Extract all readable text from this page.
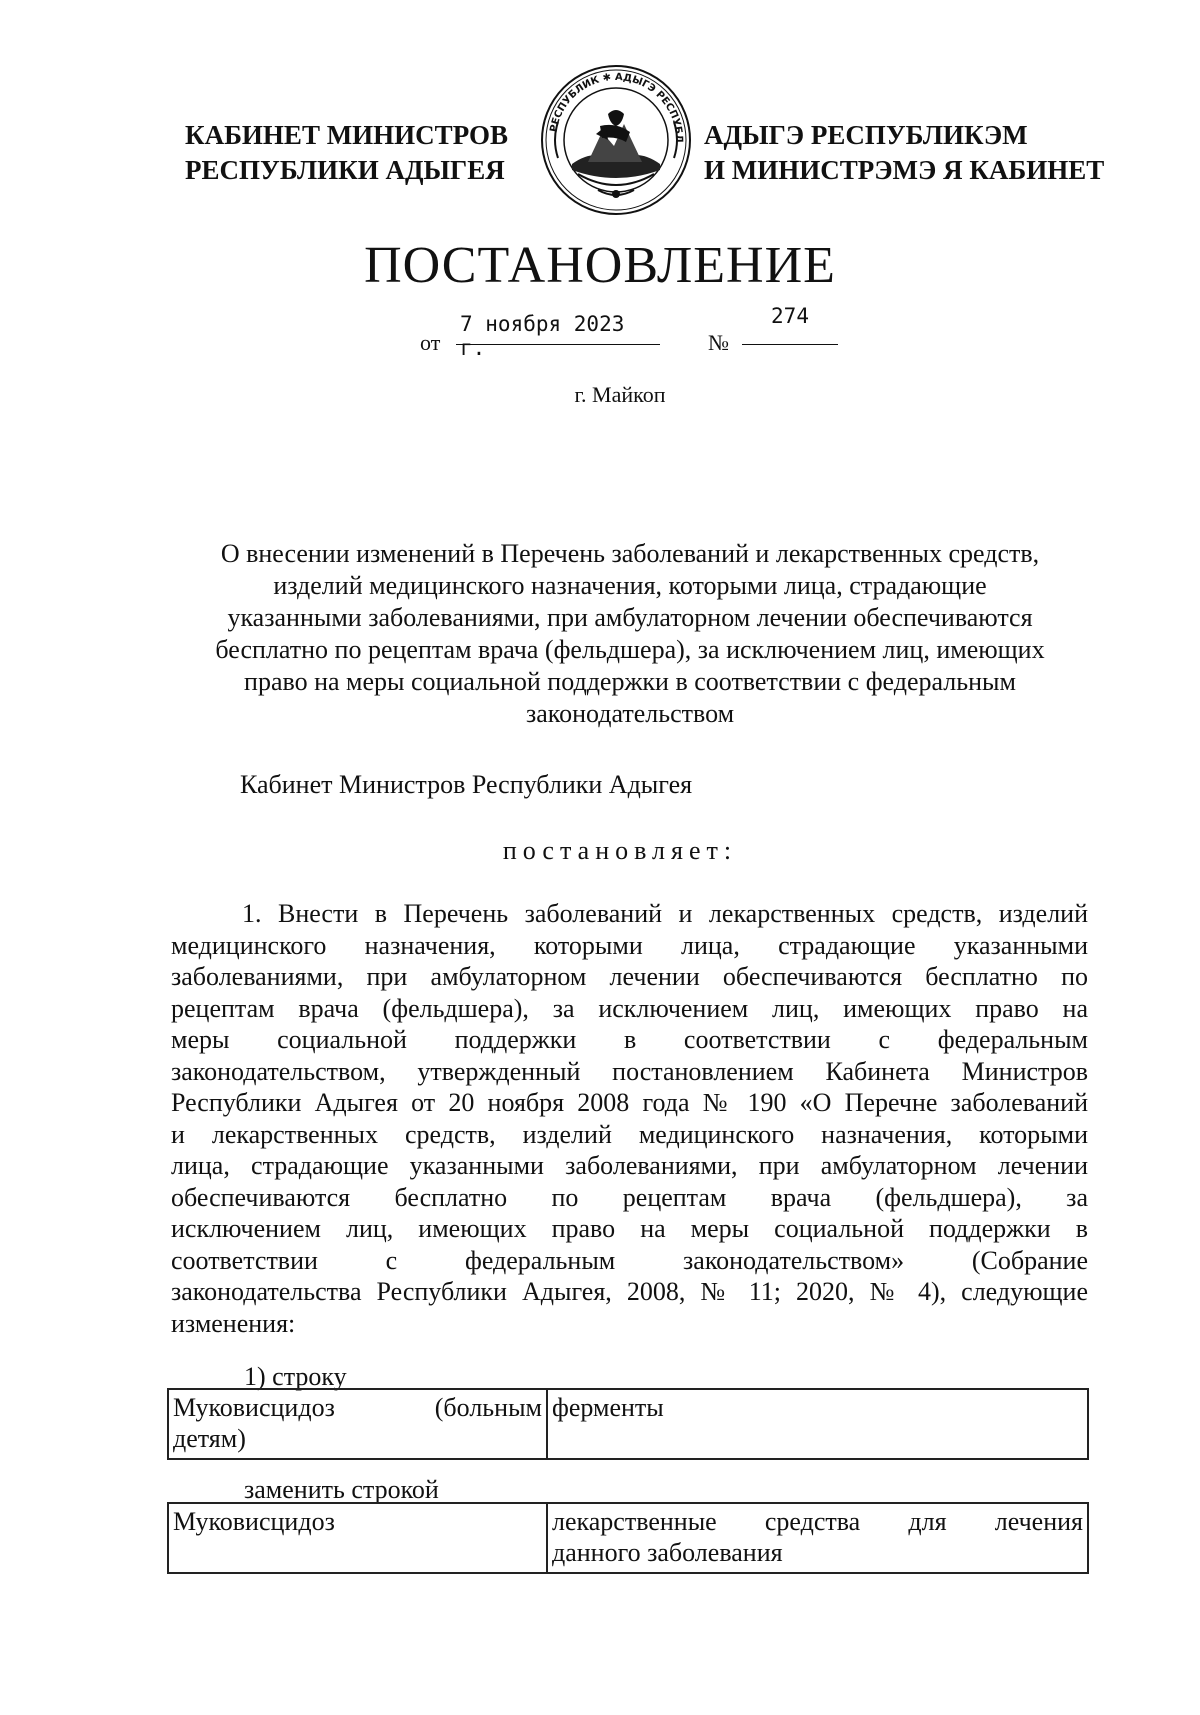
КАБИНЕТ МИНИСТРОВ
РЕСПУБЛИКИ АДЫГЕЯ
РЕСПУБЛИК ✱ АДЫГЭ РЕСПУБЛ АДЫГЭ РЕСПУБЛИКЭМ
И МИНИСТРЭМЭ Я КАБИНЕТ
ПОСТАНОВЛЕНИЕ
от
7 ноября 2023 г.	№
274
г. Майкоп
О внесении изменений в Перечень заболеваний и лекарственных средств,
изделий медицинского назначения, которыми лица, страдающие
указанными заболеваниями, при амбулаторном лечении обеспечиваются
бесплатно по рецептам врача (фельдшера), за исключением лиц, имеющих
право на меры социальной поддержки в соответствии с федеральным
законодательством
Кабинет Министров Республики Адыгея
постановляет:

1. Внести в Перечень заболеваний и лекарственных средств, изделий

медицинского назначения, которыми лица, страдающие указанными

заболеваниями, при амбулаторном лечении обеспечиваются бесплатно по

рецептам врача (фельдшера), за исключением лиц, имеющих право на

меры социальной поддержки в соответствии с федеральным

законодательством, утвержденный постановлением Кабинета Министров

Республики Адыгея от 20 ноября 2008 года № 190 «О Перечне заболеваний

и лекарственных средств, изделий медицинского назначения, которыми

лица, страдающие указанными заболеваниями, при амбулаторном лечении

обеспечиваются бесплатно по рецептам врача (фельдшера), за

исключением лиц, имеющих право на меры социальной поддержки в

соответствии с федеральным законодательством» (Собрание

законодательства Республики Адыгея, 2008, № 11; 2020, № 4), следующие

изменения:

1) строку
Муковисцидоз (больным
детям)
	ферменты
заменить строкой
Муковисцидоз	лекарственные средства для лечения
данного заболевания
